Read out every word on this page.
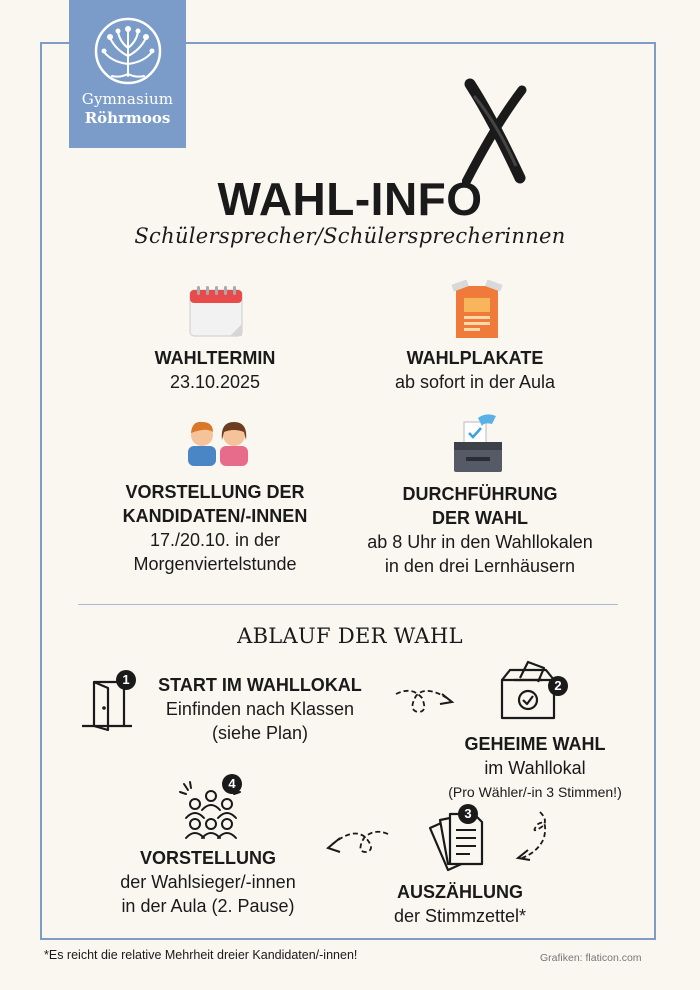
Gymnasium
Röhrmoos
WAHL-INFO
Schülersprecher/Schülersprecherinnen
WAHLTERMIN
23.10.2025
WAHLPLAKATE
ab sofort in der Aula
VORSTELLUNG DER
KANDIDATEN/-INNEN
17./20.10. in der
Morgenviertelstunde
DURCHFÜHRUNG
DER WAHL
ab 8 Uhr in den Wahllokalen
in den drei Lernhäusern
ABLAUF DER WAHL
1	START IM WAHLLOKAL
Einfinden nach Klassen
(siehe Plan)
2
GEHEIME WAHL
im Wahllokal
(Pro Wähler/-in 3 Stimmen!)
3
AUSZÄHLUNG
der Stimmzettel*
4
VORSTELLUNG
der Wahlsieger/-innen
in der Aula (2. Pause)
*Es reicht die relative Mehrheit dreier Kandidaten/-innen!	Grafiken: flaticon.com
